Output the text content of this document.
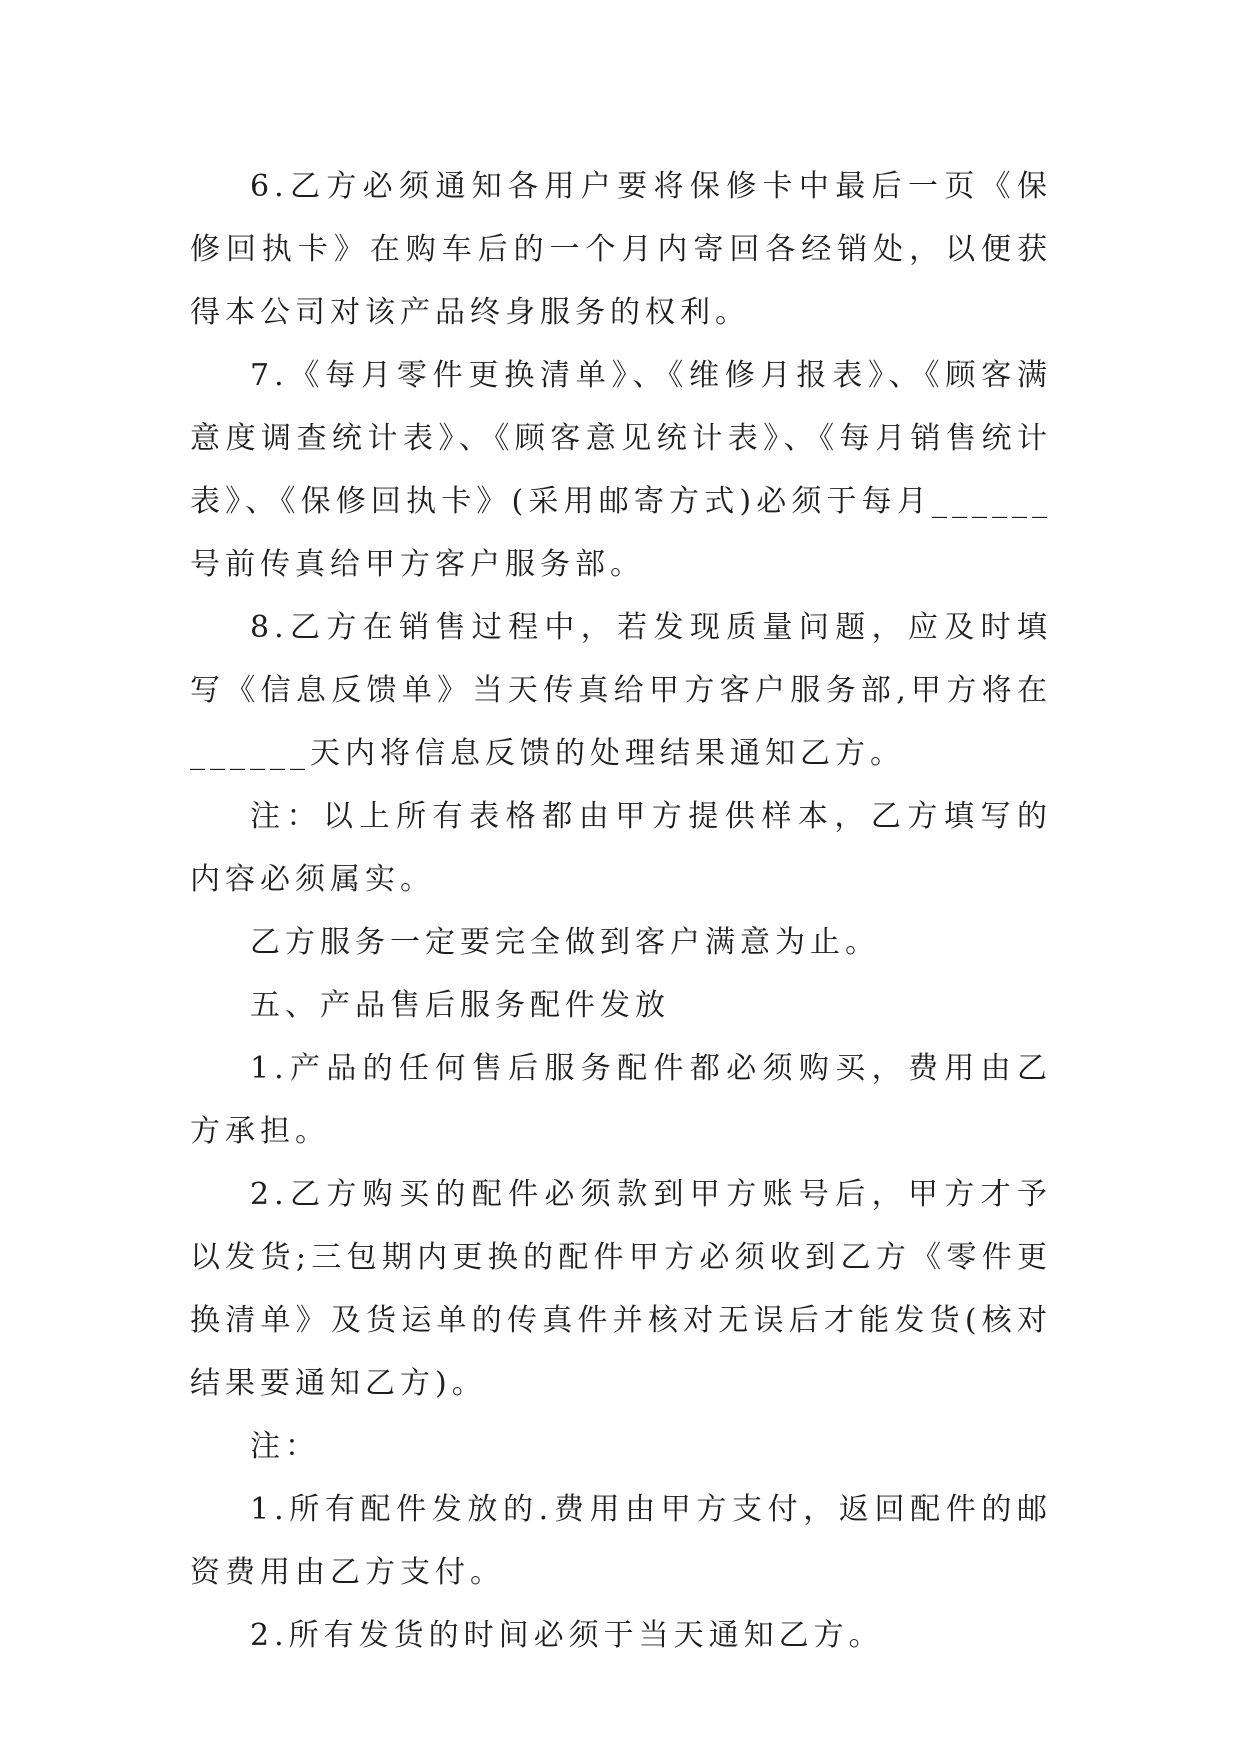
6.乙方必须通知各用户要将保修卡中最后一页《保修回执卡》在购车后的一个月内寄回各经销处，以便获得本公司对该产品终身服务的权利。

7.《每月零件更换清单》、《维修月报表》、《顾客满意度调查统计表》、《顾客意见统计表》、《每月销售统计表》、《保修回执卡》(采用邮寄方式)必须于每月______号前传真给甲方客户服务部。

8.乙方在销售过程中，若发现质量问题，应及时填写《信息反馈单》当天传真给甲方客户服务部,甲方将在______天内将信息反馈的处理结果通知乙方。

注：以上所有表格都由甲方提供样本，乙方填写的内容必须属实。

乙方服务一定要完全做到客户满意为止。

五、产品售后服务配件发放

1.产品的任何售后服务配件都必须购买，费用由乙方承担。

2.乙方购买的配件必须款到甲方账号后，甲方才予以发货;三包期内更换的配件甲方必须收到乙方《零件更换清单》及货运单的传真件并核对无误后才能发货(核对结果要通知乙方)。

注：

1.所有配件发放的.费用由甲方支付，返回配件的邮资费用由乙方支付。

2.所有发货的时间必须于当天通知乙方。
